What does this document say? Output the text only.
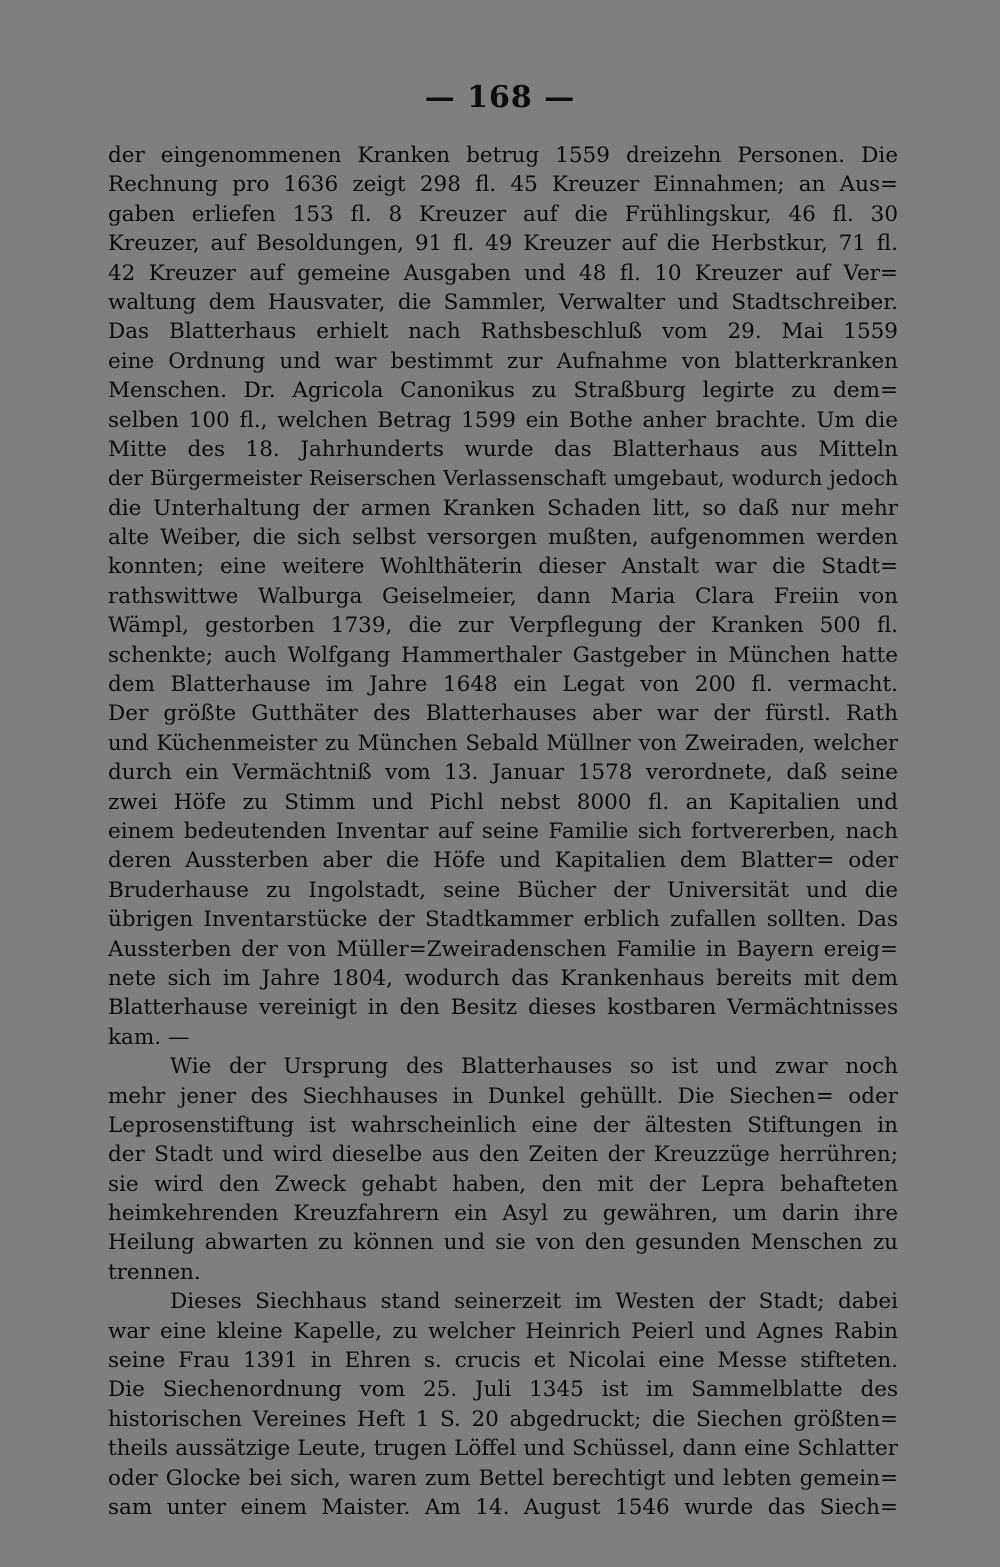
— 168 —
der eingenommenen Kranken betrug 1559 dreizehn Personen. Die
Rechnung pro 1636 zeigt 298 fl. 45 Kreuzer Einnahmen; an Aus=
gaben erliefen 153 fl. 8 Kreuzer auf die Frühlingskur, 46 fl. 30
Kreuzer, auf Besoldungen, 91 fl. 49 Kreuzer auf die Herbstkur, 71 fl.
42 Kreuzer auf gemeine Ausgaben und 48 fl. 10 Kreuzer auf Ver=
waltung dem Hausvater, die Sammler, Verwalter und Stadtschreiber.
Das Blatterhaus erhielt nach Rathsbeschluß vom 29. Mai 1559
eine Ordnung und war bestimmt zur Aufnahme von blatterkranken
Menschen. Dr. Agricola Canonikus zu Straßburg legirte zu dem=
selben 100 fl., welchen Betrag 1599 ein Bothe anher brachte. Um die
Mitte des 18. Jahrhunderts wurde das Blatterhaus aus Mitteln
der Bürgermeister Reiserschen Verlassenschaft umgebaut, wodurch jedoch
die Unterhaltung der armen Kranken Schaden litt, so daß nur mehr
alte Weiber, die sich selbst versorgen mußten, aufgenommen werden
konnten; eine weitere Wohlthäterin dieser Anstalt war die Stadt=
rathswittwe Walburga Geiselmeier, dann Maria Clara Freiin von
Wämpl, gestorben 1739, die zur Verpflegung der Kranken 500 fl.
schenkte; auch Wolfgang Hammerthaler Gastgeber in München hatte
dem Blatterhause im Jahre 1648 ein Legat von 200 fl. vermacht.
Der größte Gutthäter des Blatterhauses aber war der fürstl. Rath
und Küchenmeister zu München Sebald Müllner von Zweiraden, welcher
durch ein Vermächtniß vom 13. Januar 1578 verordnete, daß seine
zwei Höfe zu Stimm und Pichl nebst 8000 fl. an Kapitalien und
einem bedeutenden Inventar auf seine Familie sich fortvererben, nach
deren Aussterben aber die Höfe und Kapitalien dem Blatter= oder
Bruderhause zu Ingolstadt, seine Bücher der Universität und die
übrigen Inventarstücke der Stadtkammer erblich zufallen sollten. Das
Aussterben der von Müller=Zweiradenschen Familie in Bayern ereig=
nete sich im Jahre 1804, wodurch das Krankenhaus bereits mit dem
Blatterhause vereinigt in den Besitz dieses kostbaren Vermächtnisses
kam. —
Wie der Ursprung des Blatterhauses so ist und zwar noch
mehr jener des Siechhauses in Dunkel gehüllt. Die Siechen= oder
Leprosenstiftung ist wahrscheinlich eine der ältesten Stiftungen in
der Stadt und wird dieselbe aus den Zeiten der Kreuzzüge herrühren;
sie wird den Zweck gehabt haben, den mit der Lepra behafteten
heimkehrenden Kreuzfahrern ein Asyl zu gewähren, um darin ihre
Heilung abwarten zu können und sie von den gesunden Menschen zu
trennen.
Dieses Siechhaus stand seinerzeit im Westen der Stadt; dabei
war eine kleine Kapelle, zu welcher Heinrich Peierl und Agnes Rabin
seine Frau 1391 in Ehren s. crucis et Nicolai eine Messe stifteten.
Die Siechenordnung vom 25. Juli 1345 ist im Sammelblatte des
historischen Vereines Heft 1 S. 20 abgedruckt; die Siechen größten=
theils aussätzige Leute, trugen Löffel und Schüssel, dann eine Schlatter
oder Glocke bei sich, waren zum Bettel berechtigt und lebten gemein=
sam unter einem Maister. Am 14. August 1546 wurde das Siech=
